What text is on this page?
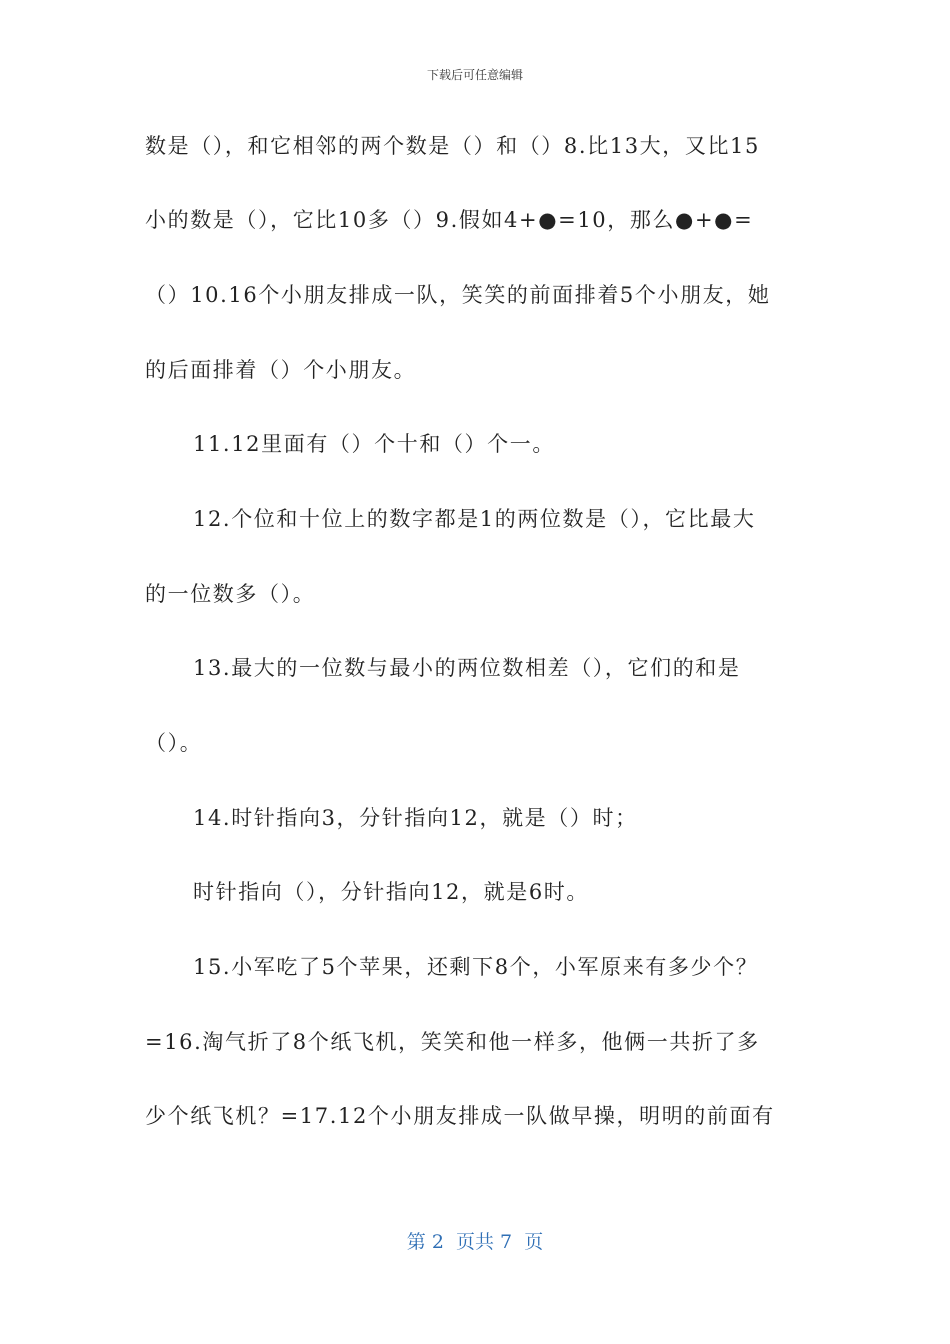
下载后可任意编辑
数是（），和它相邻的两个数是（）和（）8.比13大，又比15
小的数是（），它比10多（）9.假如4+●=10，那么●+●=
（）10.16个小朋友排成一队，笑笑的前面排着5个小朋友，她
的后面排着（）个小朋友。
11.12里面有（）个十和（）个一。
12.个位和十位上的数字都是1的两位数是（），它比最大
的一位数多（）。
13.最大的一位数与最小的两位数相差（），它们的和是
（）。
14.时针指向3，分针指向12，就是（）时；
时针指向（），分针指向12，就是6时。
15.小军吃了5个苹果，还剩下8个，小军原来有多少个？
=16.淘气折了8个纸飞机，笑笑和他一样多，他俩一共折了多
少个纸飞机？=17.12个小朋友排成一队做早操，明明的前面有
第 2  页共 7  页
